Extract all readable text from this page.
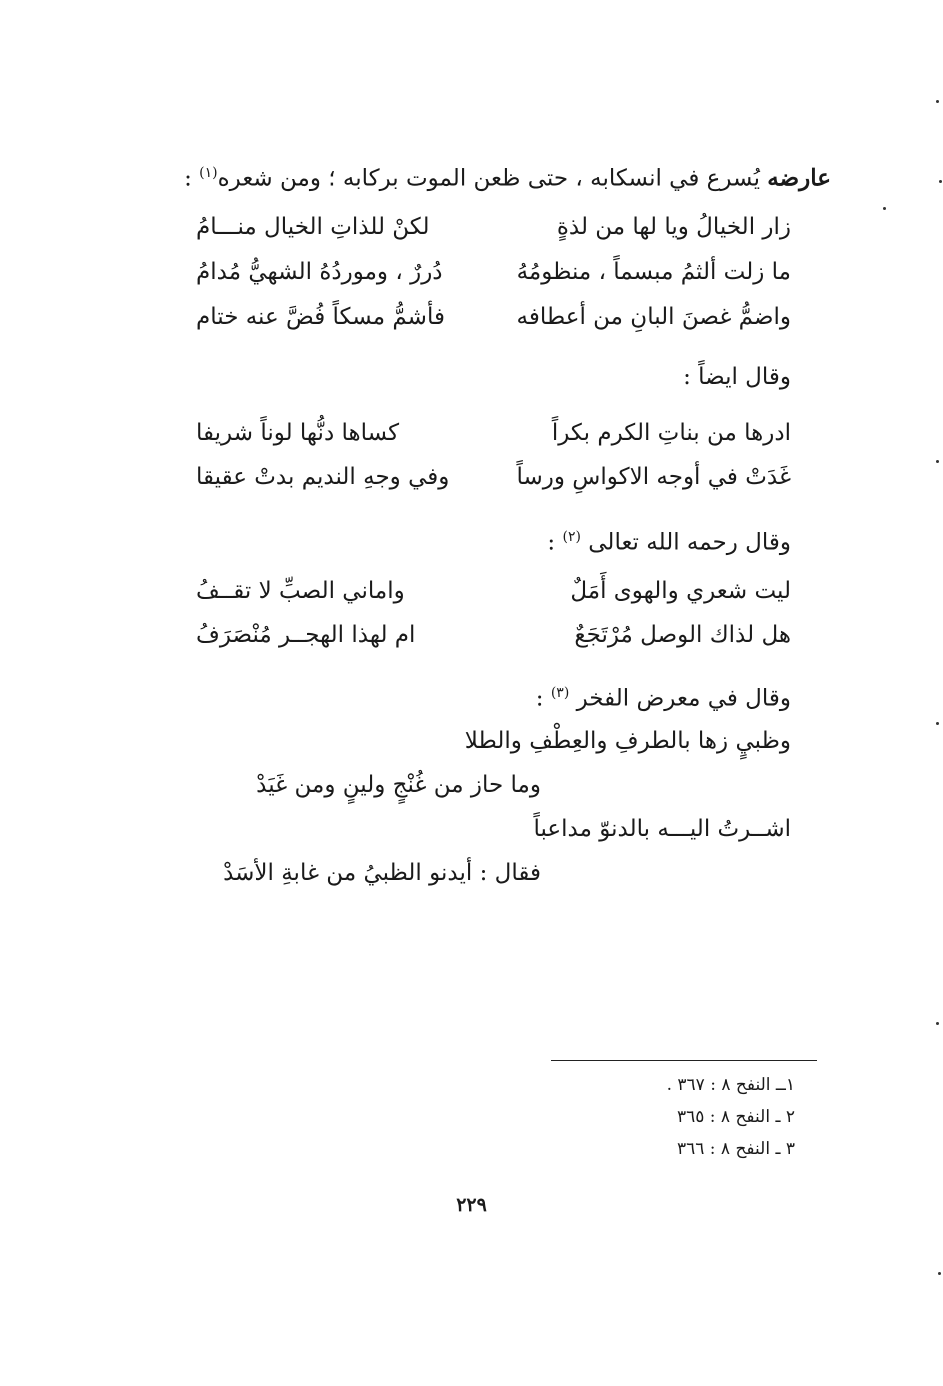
عارضه يُسرع في انسكابه ، حتى ظعن الموت بركابه ؛ ومن شعره$^{(١)}$ :
زار الخيالُ ويا لها من لذةٍ
لكنْ للذاتِ الخيال منـــامُ
ما زلت ألثمُ مبسماً ، منظومُهُ
دُررٌ ، وموردُهُ الشهيُّ مُدامُ
واضمُّ غصنَ البانِ من أعطافه
فأشمُّ مسكاً فُضَّ عنه ختام
وقال ايضاً :
ادرها من بناتِ الكرم بكراً
كساها دنُّها لوناً شريفا
غَدَتْ في أوجه الاكواسِ ورساً
وفي وجهِ النديم بدتْ عقيقا
وقال رحمه الله تعالى $^{(٢)}$ :
ليت شعري والهوى أَمَلٌ
واماني الصبِّ لا تقــفُ
هل لذاك الوصل مُرْتَجَعٌ
ام لهذا الهجــر مُنْصَرَفُ
وقال في معرض الفخر $^{(٣)}$ :
وظبيٍ زها بالطرفِ والعِطْفِ والطلا
وما حاز من غُنْجٍ ولينٍ ومن غَيَدْ
اشــرتُ اليـــه بالدنوّ مداعباً
فقال : أيدنو الظبيُ من غابةِ الأسَدْ
١ــ النفح ٨ : ٣٦٧ .
٢ ـ النفح ٨ : ٣٦٥
٣ ـ النفح ٨ : ٣٦٦
٢٢٩
